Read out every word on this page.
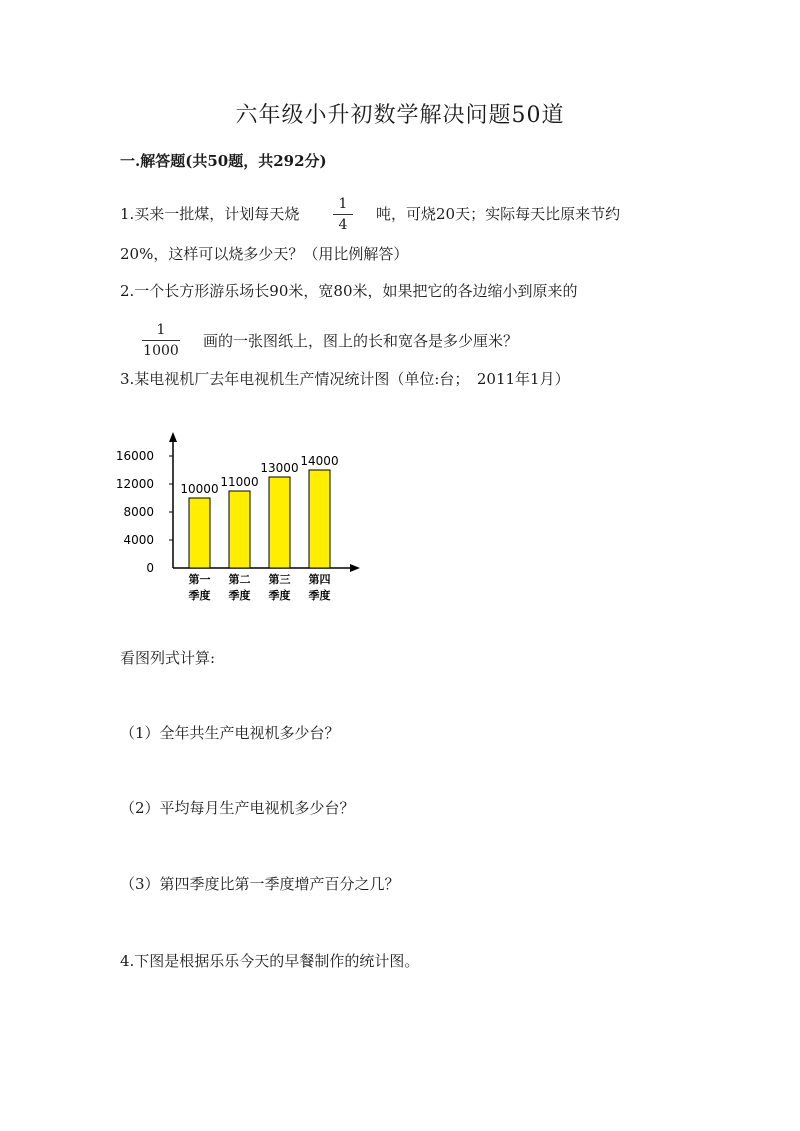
六年级小升初数学解决问题50道
一.解答题(共50题，共292分)
1.买来一批煤，计划每天烧
1
4
吨，可烧20天；实际每天比原来节约
20%，这样可以烧多少天？（用比例解答）
2.一个长方形游乐场长90米，宽80米，如果把它的各边缩小到原来的
1
1000
画的一张图纸上，图上的长和宽各是多少厘米？
3.某电视机厂去年电视机生产情况统计图（单位:台；　2011年1月）
0
4000
8000
12000
16000
10000
第一
季度
11000
第二
季度
13000
第三
季度
14000
第四
季度
看图列式计算:
（1）全年共生产电视机多少台？
（2）平均每月生产电视机多少台？
（3）第四季度比第一季度增产百分之几？
4.下图是根据乐乐今天的早餐制作的统计图。
